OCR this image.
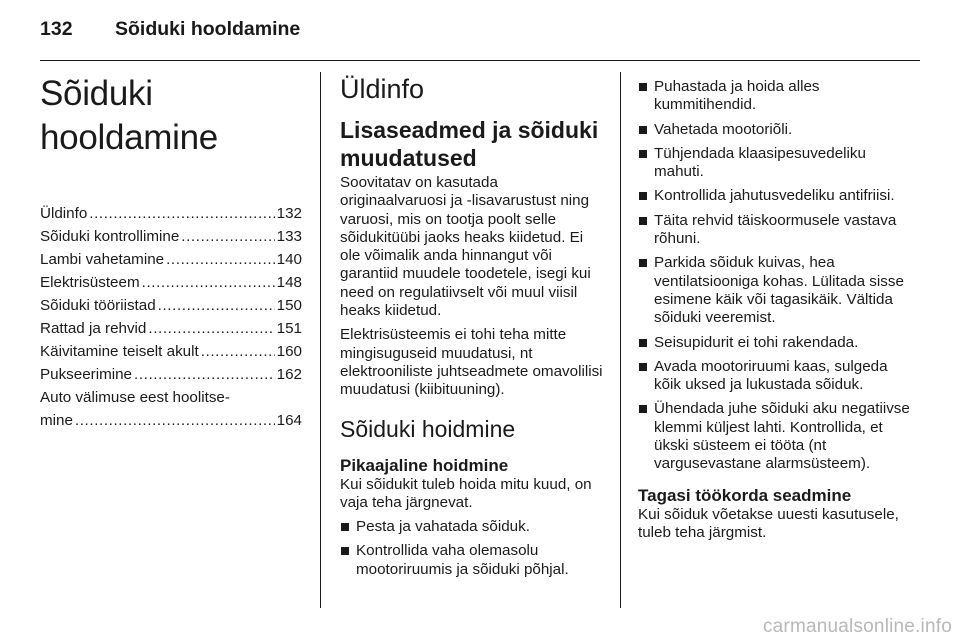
132 Sõiduki hooldamine
Sõiduki hooldamine
Üldinfo .....	132
Sõiduki kontrollimine .....	133
Lambi vahetamine .....	140
Elektrisüsteem .....	148
Sõiduki tööriistad .....	150
Rattad ja rehvid .....	151
Käivitamine teiselt akult .....	160
Pukseerimine .....	162
Auto välimuse eest hoolitse-
mine .....	164
Üldinfo
Lisaseadmed ja sõiduki muudatused

Soovitatav on kasutada originaalvaruosi ja -lisavarustust ning varuosi, mis on tootja poolt selle sõidukitüübi jaoks heaks kiidetud. Ei ole võimalik anda hinnangut või garantiid muudele toodetele, isegi kui need on regulatiivselt või muul viisil heaks kiidetud.

Elektrisüsteemis ei tohi teha mitte mingisuguseid muudatusi, nt elektrooniliste juhtseadmete omavolilisi muudatusi (kiibituuning).

Sõiduki hoidmine
Pikaajaline hoidmine

Kui sõidukit tuleb hoida mitu kuud, on vaja teha järgnevat.

Pesta ja vahatada sõiduk.
Kontrollida vaha olemasolu mootoriruumis ja sõiduki põhjal.
Puhastada ja hoida alles kummitihendid.
Vahetada mootoriõli.
Tühjendada klaasipesuvedeliku mahuti.
Kontrollida jahutusvedeliku antifriisi.
Täita rehvid täiskoormusele vastava rõhuni.
Parkida sõiduk kuivas, hea ventilatsiooniga kohas. Lülitada sisse esimene käik või tagasikäik. Vältida sõiduki veeremist.
Seisupidurit ei tohi rakendada.
Avada mootoriruumi kaas, sulgeda kõik uksed ja lukustada sõiduk.
Ühendada juhe sõiduki aku negatiivse klemmi küljest lahti. Kontrollida, et ükski süsteem ei tööta (nt vargusevastane alarmsüsteem).
Tagasi töökorda seadmine

Kui sõiduk võetakse uuesti kasutusele, tuleb teha järgmist.

carmanualsonline.info
